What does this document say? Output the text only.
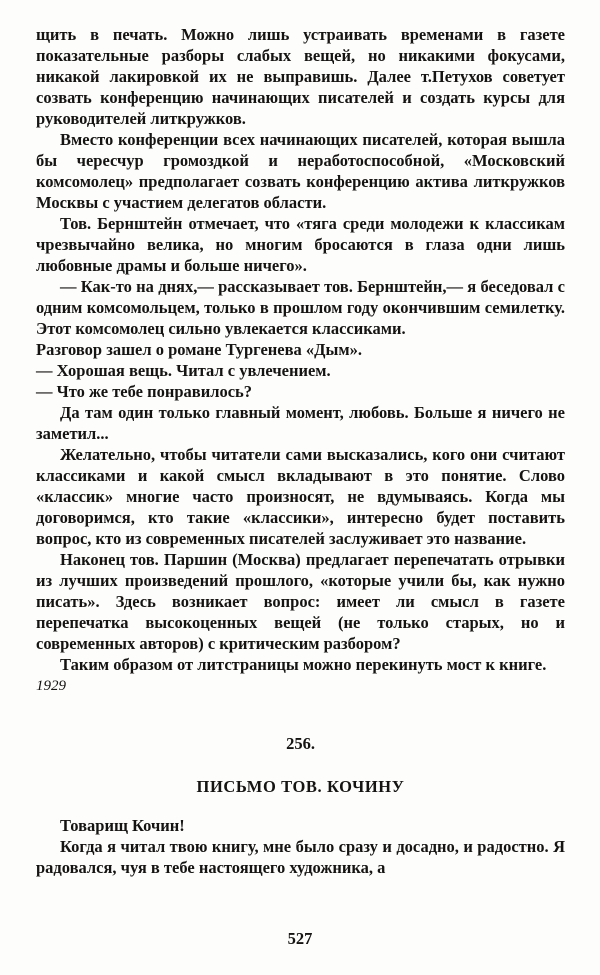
щить в печать. Можно лишь устраивать временами в газете показательные разборы слабых вещей, но никакими фокусами, никакой лакировкой их не выправишь. Далее т.Петухов советует созвать конференцию начинающих писателей и создать курсы для руководителей литкружков.

Вместо конференции всех начинающих писателей, которая вышла бы чересчур громоздкой и неработоспособной, «Московский комсомолец» предполагает созвать конференцию актива литкружков Москвы с участием делегатов области.

Тов. Бернштейн отмечает, что «тяга среди молодежи к классикам чрезвычайно велика, но многим бросаются в глаза одни лишь любовные драмы и больше ничего».

— Как-то на днях,— рассказывает тов. Бернштейн,— я беседовал с одним комсомольцем, только в прошлом году окончившим семилетку. Этот комсомолец сильно увлекается классиками.

Разговор зашел о романе Тургенева «Дым».

— Хорошая вещь. Читал с увлечением.

— Что же тебе понравилось?

Да там один только главный момент, любовь. Больше я ничего не заметил...

Желательно, чтобы читатели сами высказались, кого они считают классиками и какой смысл вкладывают в это понятие. Слово «классик» многие часто произносят, не вдумываясь. Когда мы договоримся, кто такие «классики», интересно будет поставить вопрос, кто из современных писателей заслуживает это название.

Наконец тов. Паршин (Москва) предлагает перепечатать отрывки из лучших произведений прошлого, «которые учили бы, как нужно писать». Здесь возникает вопрос: имеет ли смысл в газете перепечатка высокоценных вещей (не только старых, но и современных авторов) с критическим разбором?

Таким образом от литстраницы можно перекинуть мост к книге.

1929

256.

ПИСЬМО ТОВ. КОЧИНУ

Товарищ Кочин!

Когда я читал твою книгу, мне было сразу и досадно, и радостно. Я радовался, чуя в тебе настоящего художника, а

527
